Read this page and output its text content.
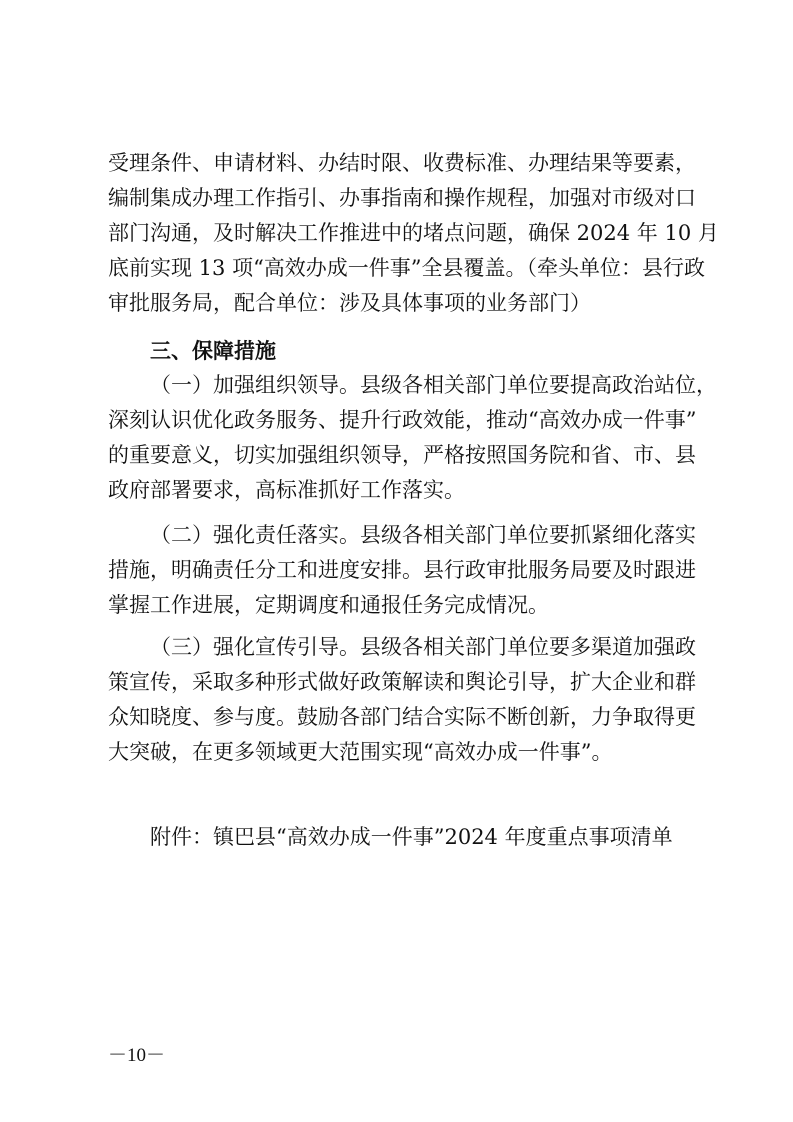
受理条件、申请材料、办结时限、收费标准、办理结果等要素，
编制集成办理工作指引、办事指南和操作规程，加强对市级对口
部门沟通，及时解决工作推进中的堵点问题，确保 2024 年 10 月
底前实现 13 项“高效办成一件事”全县覆盖。（牵头单位：县行政
审批服务局，配合单位：涉及具体事项的业务部门）
三、保障措施
（一）加强组织领导。县级各相关部门单位要提高政治站位，
深刻认识优化政务服务、提升行政效能，推动“高效办成一件事”
的重要意义，切实加强组织领导，严格按照国务院和省、市、县
政府部署要求，高标准抓好工作落实。
（二）强化责任落实。县级各相关部门单位要抓紧细化落实
措施，明确责任分工和进度安排。县行政审批服务局要及时跟进
掌握工作进展，定期调度和通报任务完成情况。
（三）强化宣传引导。县级各相关部门单位要多渠道加强政
策宣传，采取多种形式做好政策解读和舆论引导，扩大企业和群
众知晓度、参与度。鼓励各部门结合实际不断创新，力争取得更
大突破，在更多领域更大范围实现“高效办成一件事”。
附件：镇巴县“高效办成一件事”2024 年度重点事项清单
－10－
